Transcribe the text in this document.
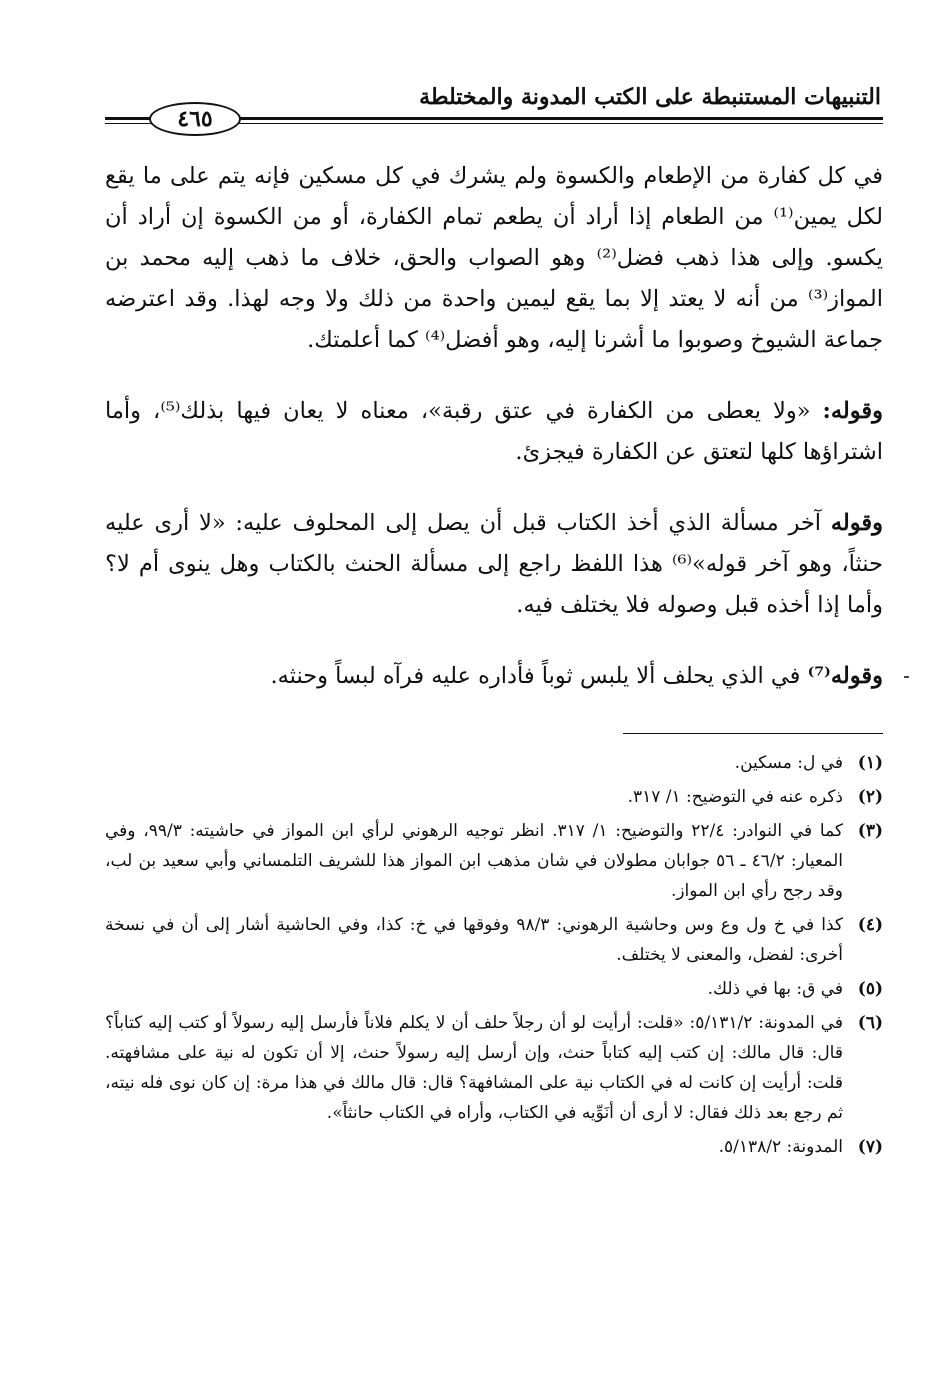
التنبيهات المستنبطة على الكتب المدونة والمختلطة
٤٦٥

في كل كفارة من الإطعام والكسوة ولم يشرك في كل مسكين فإنه يتم على ما يقع لكل يمين⁽¹⁾ من الطعام إذا أراد أن يطعم تمام الكفارة، أو من الكسوة إن أراد أن يكسو. وإلى هذا ذهب فضل⁽²⁾ وهو الصواب والحق، خلاف ما ذهب إليه محمد بن المواز⁽³⁾ من أنه لا يعتد إلا بما يقع ليمين واحدة من ذلك ولا وجه لهذا. وقد اعترضه جماعة الشيوخ وصوبوا ما أشرنا إليه، وهو أفضل⁽⁴⁾ كما أعلمتك.

وقوله: «ولا يعطى من الكفارة في عتق رقبة»، معناه لا يعان فيها بذلك⁽⁵⁾، وأما اشتراؤها كلها لتعتق عن الكفارة فيجزئ.

وقوله آخر مسألة الذي أخذ الكتاب قبل أن يصل إلى المحلوف عليه: «لا أرى عليه حنثاً، وهو آخر قوله»⁽⁶⁾ هذا اللفظ راجع إلى مسألة الحنث بالكتاب وهل ينوى أم لا؟ وأما إذا أخذه قبل وصوله فلا يختلف فيه.

وقوله⁽⁷⁾ في الذي يحلف ألا يلبس ثوباً فأداره عليه فرآه لبساً وحنثه.

(١)
في ل: مسكين.
(٢)
ذكره عنه في التوضيح: ١/ ٣١٧.
(٣)
كما في النوادر: ٢٢/٤ والتوضيح: ١/ ٣١٧. انظر توجيه الرهوني لرأي ابن المواز في حاشيته: ٩٩/٣، وفي المعيار: ٤٦/٢ ـ ٥٦ جوابان مطولان في شان مذهب ابن المواز هذا للشريف التلمساني وأبي سعيد بن لب، وقد رجح رأي ابن المواز.
(٤)
كذا في خ ول وع وس وحاشية الرهوني: ٩٨/٣ وفوقها في خ: كذا، وفي الحاشية أشار إلى أن في نسخة أخرى: لفضل، والمعنى لا يختلف.
(٥)
في ق: بها في ذلك.
(٦)
في المدونة: ٥/١٣١/٢: «قلت: أرأيت لو أن رجلاً حلف أن لا يكلم فلاناً فأرسل إليه رسولاً أو كتب إليه كتاباً؟ قال: قال مالك: إن كتب إليه كتاباً حنث، وإن أرسل إليه رسولاً حنث، إلا أن تكون له نية على مشافهته. قلت: أرأيت إن كانت له في الكتاب نية على المشافهة؟ قال: قال مالك في هذا مرة: إن كان نوى فله نيته، ثم رجع بعد ذلك فقال: لا أرى أن أنَوِّيه في الكتاب، وأراه في الكتاب حانثاً».
(٧)
المدونة: ٥/١٣٨/٢.
